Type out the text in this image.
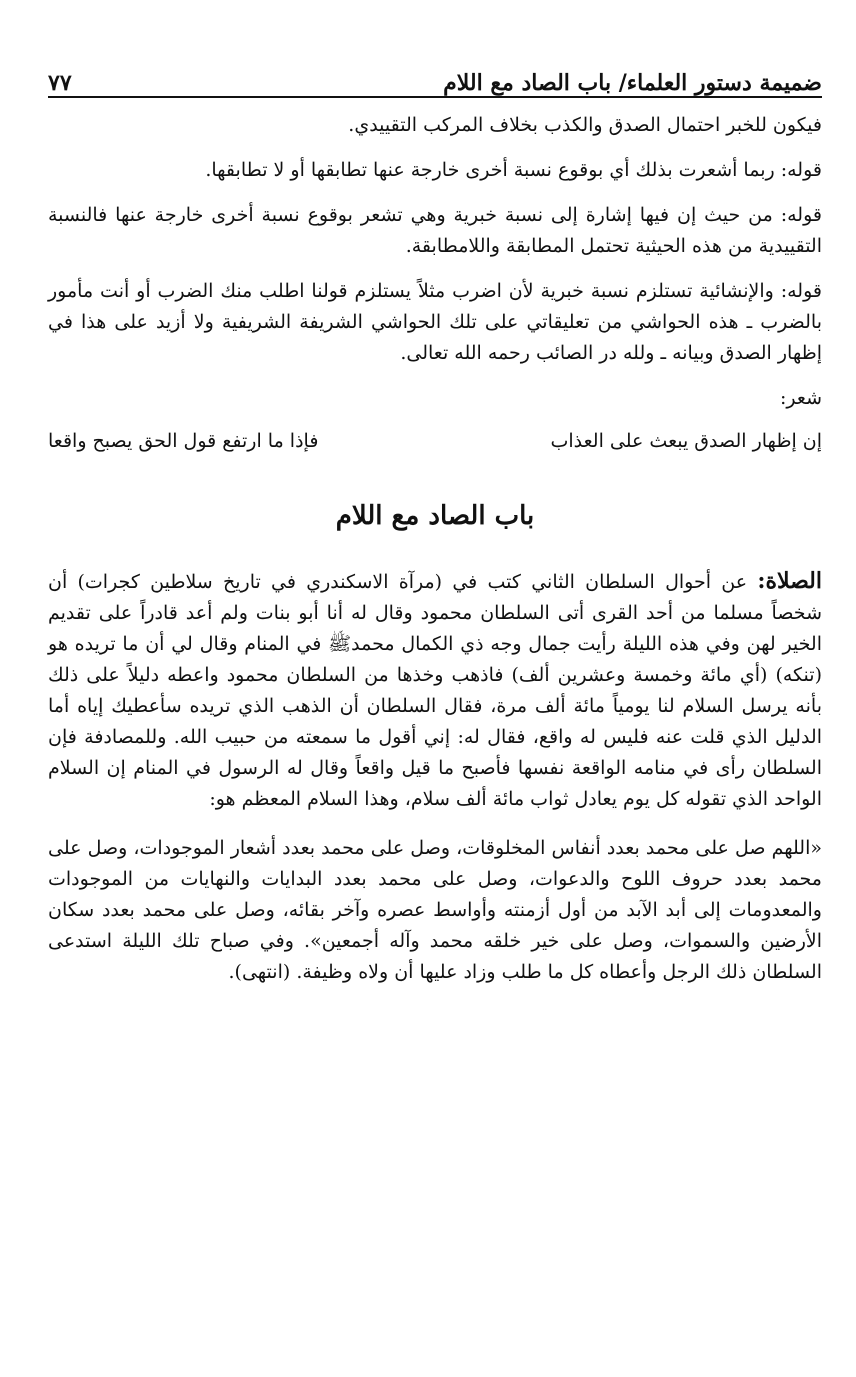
ضميمة دستور العلماء/ باب الصاد مع اللام
٧٧

فيكون للخبر احتمال الصدق والكذب بخلاف المركب التقييدي.

قوله: ربما أشعرت بذلك أي بوقوع نسبة أخرى خارجة عنها تطابقها أو لا تطابقها.

قوله: من حيث إن فيها إشارة إلى نسبة خبرية وهي تشعر بوقوع نسبة أخرى خارجة عنها فالنسبة التقييدية من هذه الحيثية تحتمل المطابقة واللامطابقة.

قوله: والإنشائية تستلزم نسبة خبرية لأن اضرب مثلاً يستلزم قولنا اطلب منك الضرب أو أنت مأمور بالضرب ـ هذه الحواشي من تعليقاتي على تلك الحواشي الشريفة الشريفية ولا أزيد على هذا في إظهار الصدق وبيانه ـ ولله در الصائب رحمه الله تعالى.

شعر:
إن إظهار الصدق يبعث على العذاب
فإذا ما ارتفع قول الحق يصبح واقعا
باب الصاد مع اللام

الصلاة: عن أحوال السلطان الثاني كتب في (مرآة الاسكندري في تاريخ سلاطين كجرات) أن شخصاً مسلما من أحد القرى أتى السلطان محمود وقال له أنا أبو بنات ولم أعد قادراً على تقديم الخير لهن وفي هذه الليلة رأيت جمال وجه ذي الكمال محمدﷺ في المنام وقال لي أن ما تريده هو (تنكه) (أي مائة وخمسة وعشرين ألف) فاذهب وخذها من السلطان محمود واعطه دليلاً على ذلك بأنه يرسل السلام لنا يومياً مائة ألف مرة، فقال السلطان أن الذهب الذي تريده سأعطيك إياه أما الدليل الذي قلت عنه فليس له واقع، فقال له: إني أقول ما سمعته من حبيب الله. وللمصادفة فإن السلطان رأى في منامه الواقعة نفسها فأصبح ما قيل واقعاً وقال له الرسول في المنام إن السلام الواحد الذي تقوله كل يوم يعادل ثواب مائة ألف سلام، وهذا السلام المعظم هو:

«اللهم صل على محمد بعدد أنفاس المخلوقات، وصل على محمد بعدد أشعار الموجودات، وصل على محمد بعدد حروف اللوح والدعوات، وصل على محمد بعدد البدايات والنهايات من الموجودات والمعدومات إلى أبد الآبد من أول أزمنته وأواسط عصره وآخر بقائه، وصل على محمد بعدد سكان الأرضين والسموات، وصل على خير خلقه محمد وآله أجمعين». وفي صباح تلك الليلة استدعى السلطان ذلك الرجل وأعطاه كل ما طلب وزاد عليها أن ولاه وظيفة. (انتهى).
